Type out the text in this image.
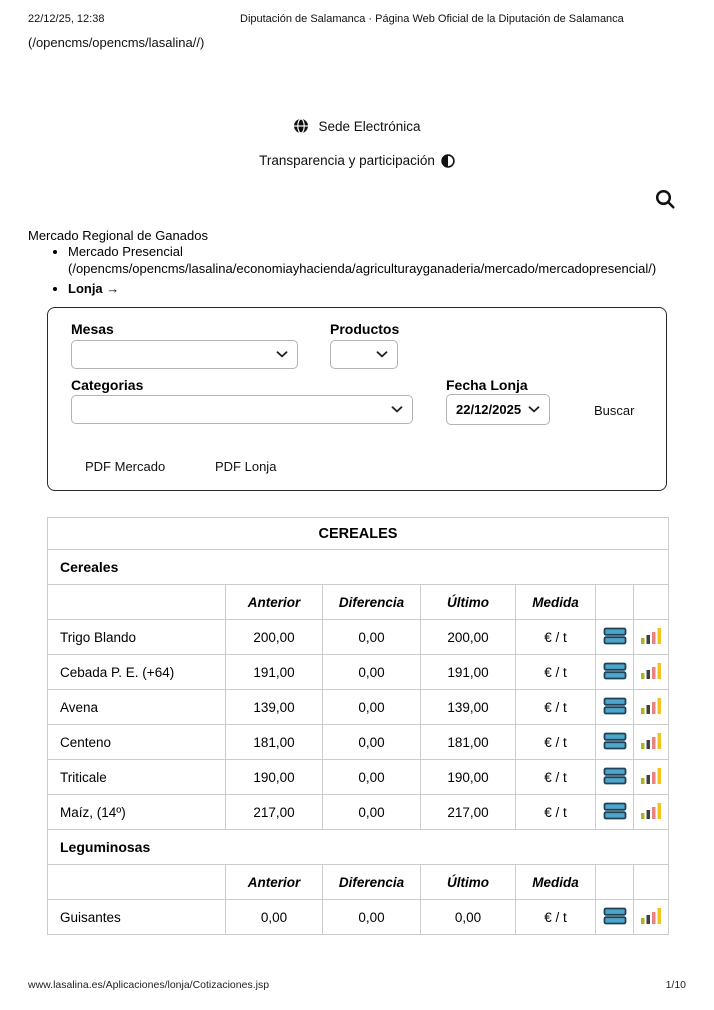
22/12/25, 12:38	Diputación de Salamanca · Página Web Oficial de la Diputación de Salamanca
(/opencms/opencms/lasalina//)
Sede Electrónica
Transparencia y participación
Mercado Regional de Ganados
• Mercado Presencial
(/opencms/opencms/lasalina/economiayhacienda/agriculturayganaderia/mercado/mercadopresencial/)
• Lonja →
Mesas	Productos
Categorias	Fecha Lonja
22/12/2025	Buscar
PDF Mercado	PDF Lonja
CEREALES						
Cereales						
	Anterior	Diferencia	Último	Medida		
Trigo Blando	200,00	0,00	200,00	€ / t	

Cebada P. E. (+64)	191,00	0,00	191,00	€ / t	

Avena	139,00	0,00	139,00	€ / t	

Centeno	181,00	0,00	181,00	€ / t	

Triticale	190,00	0,00	190,00	€ / t	

Maíz, (14º)	217,00	0,00	217,00	€ / t	

Leguminosas						
	Anterior	Diferencia	Último	Medida		
Guisantes	0,00	0,00	0,00	€ / t	

www.lasalina.es/Aplicaciones/lonja/Cotizaciones.jsp	1/10
